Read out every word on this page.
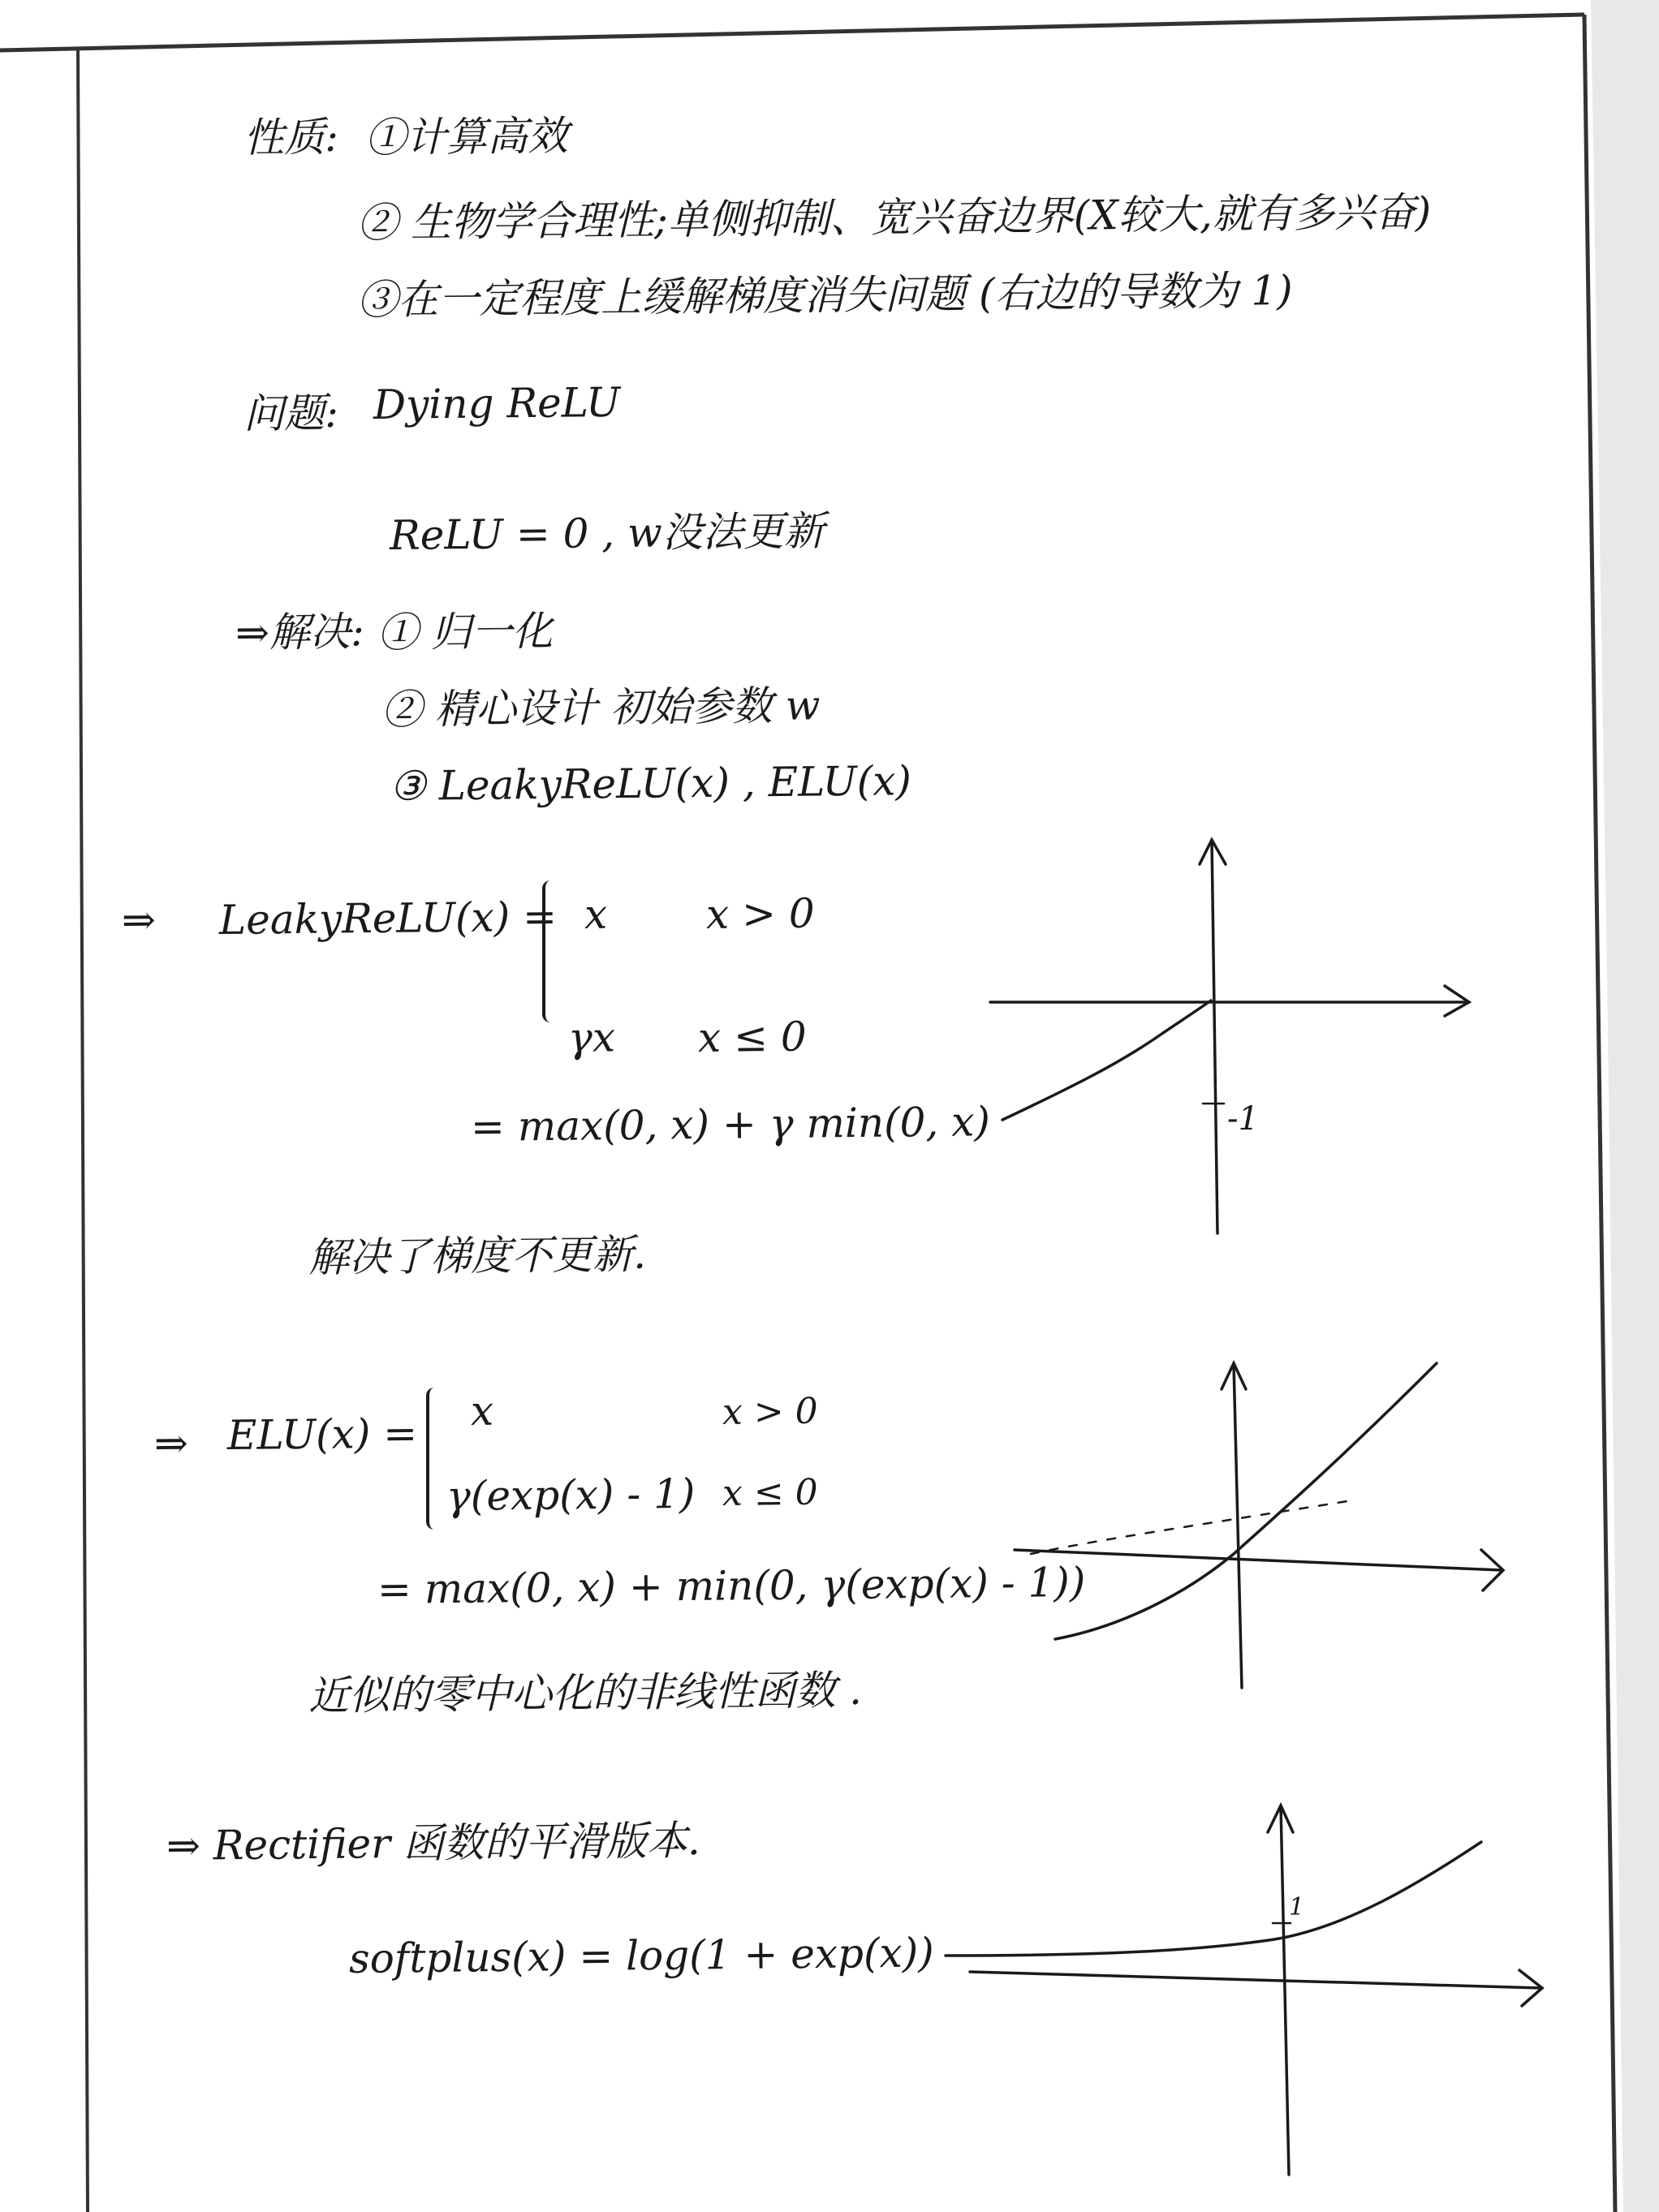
性质: ①计算高效
② 生物学合理性;单侧抑制、宽兴奋边界(X较大,就有多兴奋)
③在一定程度上缓解梯度消失问题 (右边的导数为 1)
问题: Dying ReLU
ReLU = 0 , w没法更新
⇒解决: ① 归一化
② 精心设计 初始参数 w
③ LeakyReLU(x) , ELU(x)
⇒ LeakyReLU(x) = x x > 0
γx x ≤ 0
= max(0, x) + γ min(0, x)
解决了梯度不更新.
-1
⇒ ELU(x) = x	x > 0
γ(exp(x) - 1) x ≤ 0
= max(0, x) + min(0, γ(exp(x) - 1))
近似的零中心化的非线性函数 .
⇒ Rectifier 函数的平滑版本.
softplus(x) = log(1 + exp(x))
1
